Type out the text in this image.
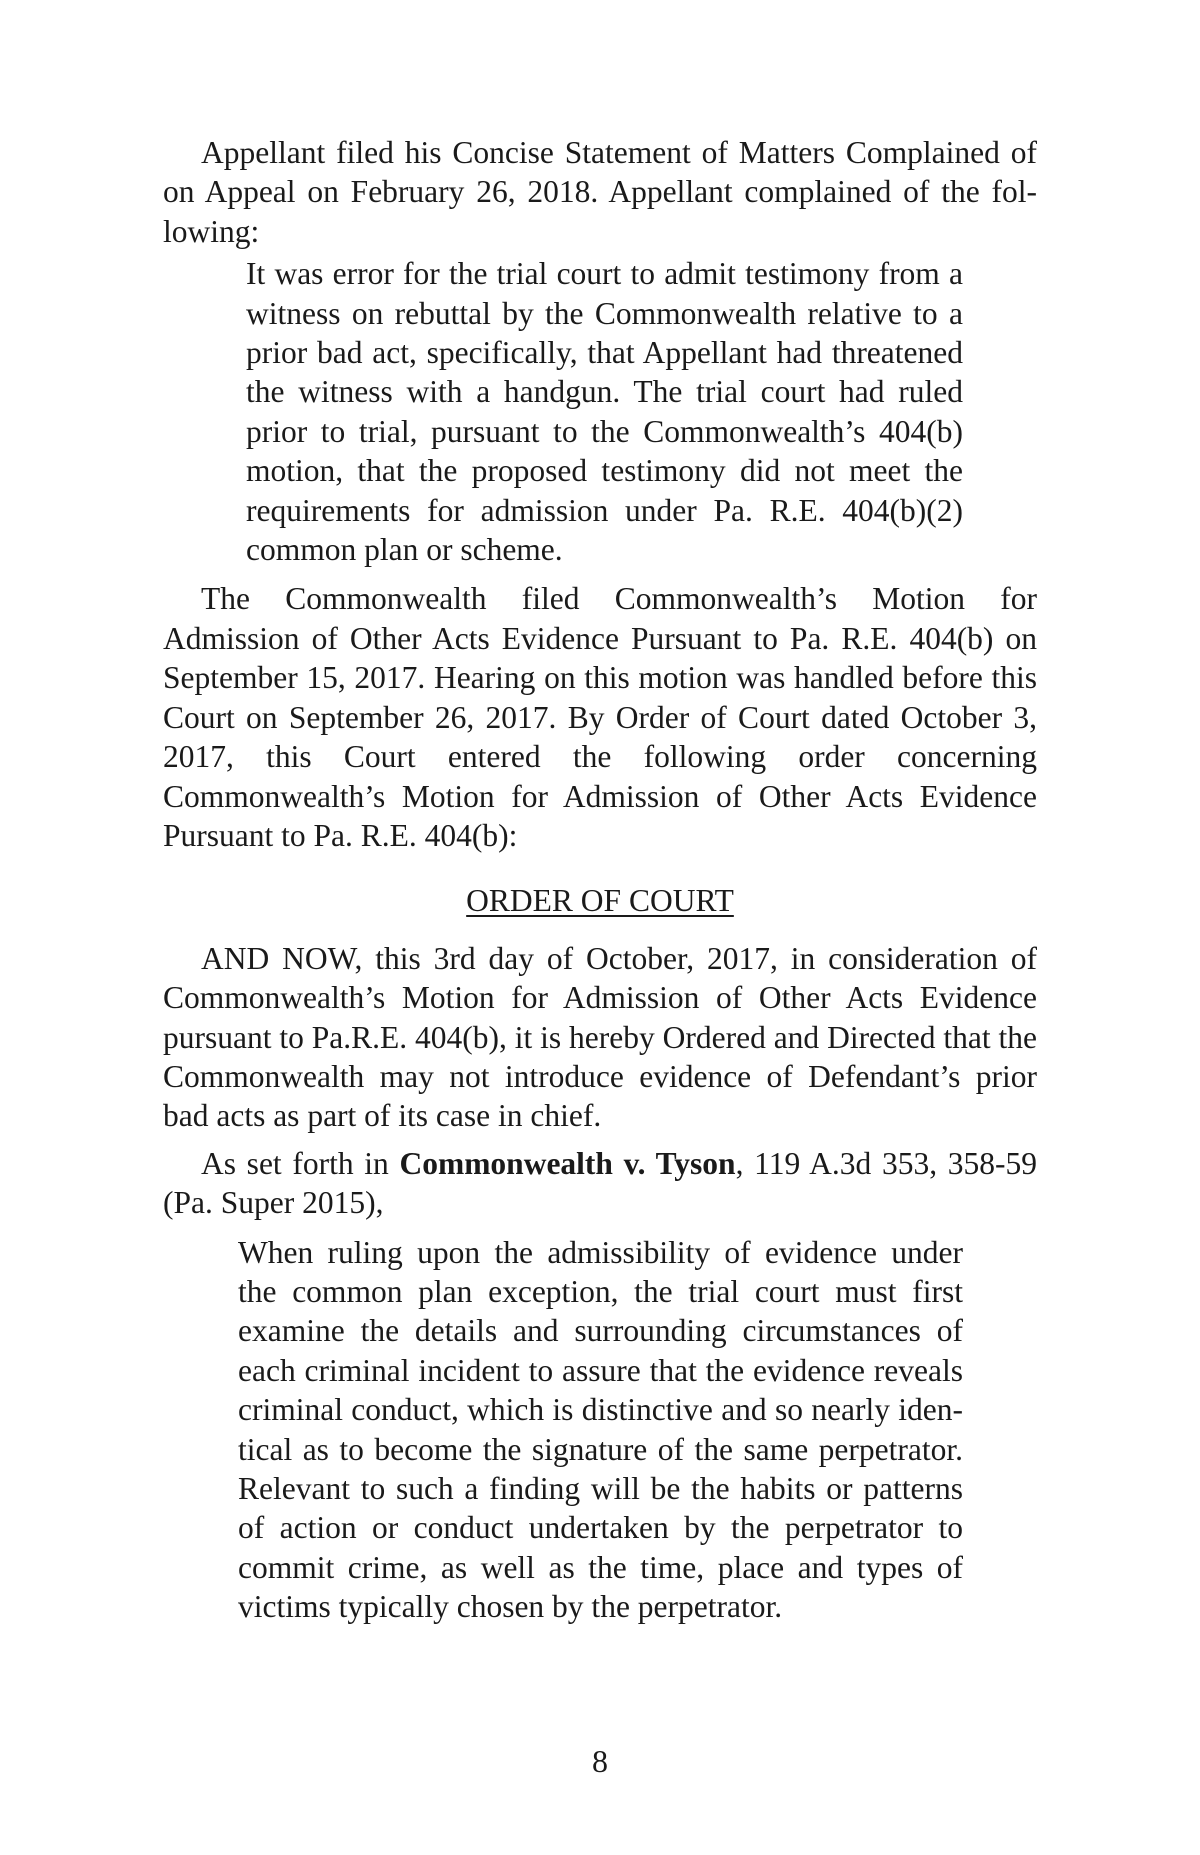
Appellant filed his Concise Statement of Matters Complained of on Appeal on February 26, 2018. Appellant complained of the following:

It was error for the trial court to admit testimony from a witness on rebuttal by the Commonwealth relative to a prior bad act, specifically, that Appellant had threatened the witness with a handgun. The trial court had ruled prior to trial, pursuant to the Commonwealth’s 404(b) motion, that the proposed testimony did not meet the requirements for admission under Pa. R.E. 404(b)(2) common plan or scheme.

The Commonwealth filed Commonwealth’s Motion for Admission of Other Acts Evidence Pursuant to Pa. R.E. 404(b) on September 15, 2017. Hearing on this motion was handled before this Court on September 26, 2017. By Order of Court dated October 3, 2017, this Court entered the following order concerning Commonwealth’s Motion for Admission of Other Acts Evidence Pursuant to Pa. R.E. 404(b):

ORDER OF COURT

AND NOW, this 3rd day of October, 2017, in consideration of Commonwealth’s Motion for Admission of Other Acts Evidence pursuant to Pa.R.E. 404(b), it is hereby Ordered and Directed that the Commonwealth may not introduce evidence of Defendant’s prior bad acts as part of its case in chief.

As set forth in Commonwealth v. Tyson, 119 A.3d 353, 358-59 (Pa. Super 2015),

When ruling upon the admissibility of evidence under the common plan exception, the trial court must first examine the details and surrounding circumstances of each criminal incident to assure that the evidence reveals criminal conduct, which is distinctive and so nearly identical as to become the signature of the same perpetrator. Relevant to such a finding will be the habits or patterns of action or conduct undertaken by the perpetrator to commit crime, as well as the time, place and types of victims typically chosen by the perpetrator.

8
